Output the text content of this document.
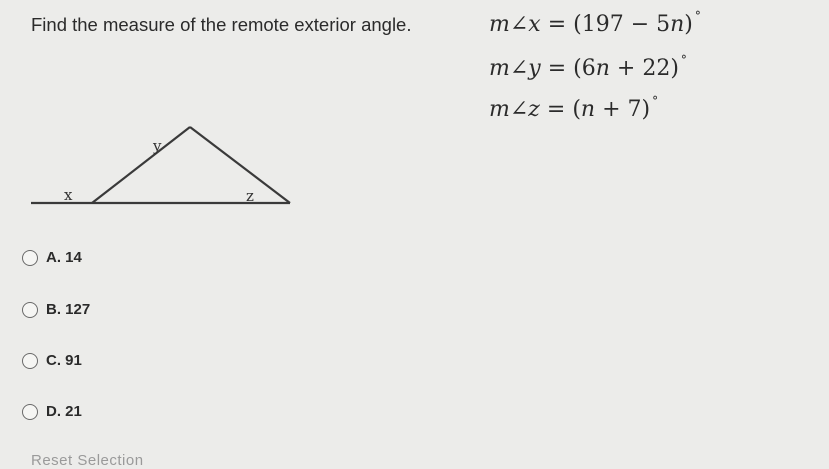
Find the measure of the remote exterior angle.	m∠x = (197 − 5n) °
m∠y = (6n + 22) °
m∠z = (n + 7) °
y
x	z
A.
14
B.
127
C.
91
D.
21
Reset Selection
